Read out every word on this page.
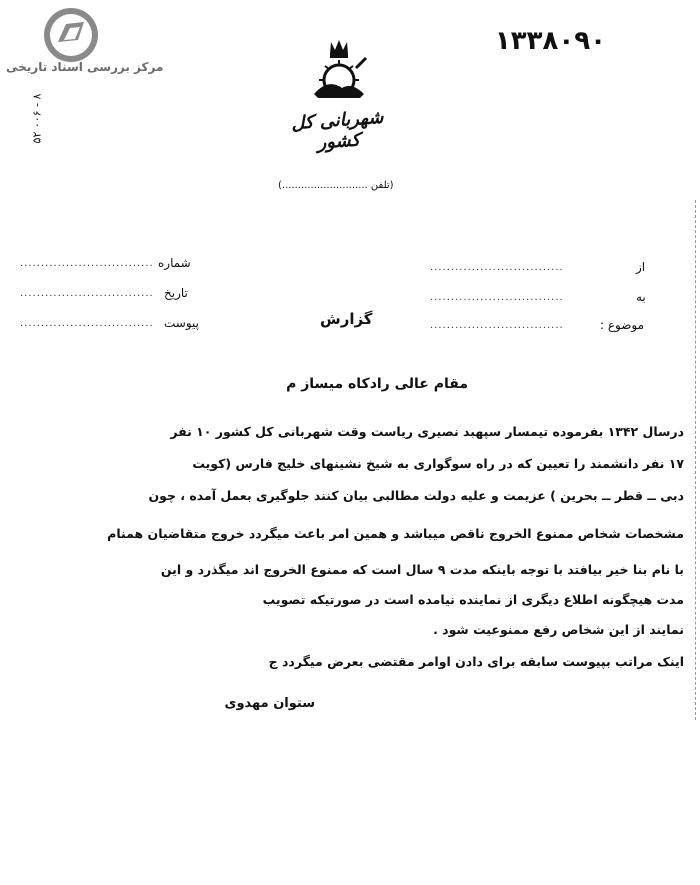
مرکز بررسی اسناد تاریخی
۱۳۳۸۰۹۰
۵۲ ۰۰۶ - ۸	شهربانی کل کشور
(تلفن ...........................)
شماره
................................
تاریخ
................................
پیوست
................................
از
................................
به
................................
موضوع :
................................
گزارش
مقام عالی رادکاه میساز م
درسال ۱۳۴۲ بفرموده تیمسار سپهبد نصیری ریاست وقت شهربانی کل کشور ۱۰ نفر
۱۷ نفر دانشمند را تعیین که در راه سوگواری به شیخ نشینهای خلیج فارس (کویت
دبی ــ قطر ــ بحرین ) عزیمت و علیه دولت مطالبی بیان کنند جلوگیری بعمل آمده ، چون
مشخصات شخاص ممنوع الخروج ناقص میباشد و همین امر باعث میگردد خروج متقاضیان همنام
با نام بنا خیر بیافتد با توجه باینکه مدت ۹ سال است که ممنوع الخروج اند میگذرد و این
مدت هیچگونه اطلاع دیگری از نماینده نیامده است در صورتیکه تصویب
نمایند از این شخاص رفع ممنوعیت شود .
اینک مراتب بپیوست سابقه برای دادن اوامر مقتضی بعرض میگردد ج
ستوان مهدوی
